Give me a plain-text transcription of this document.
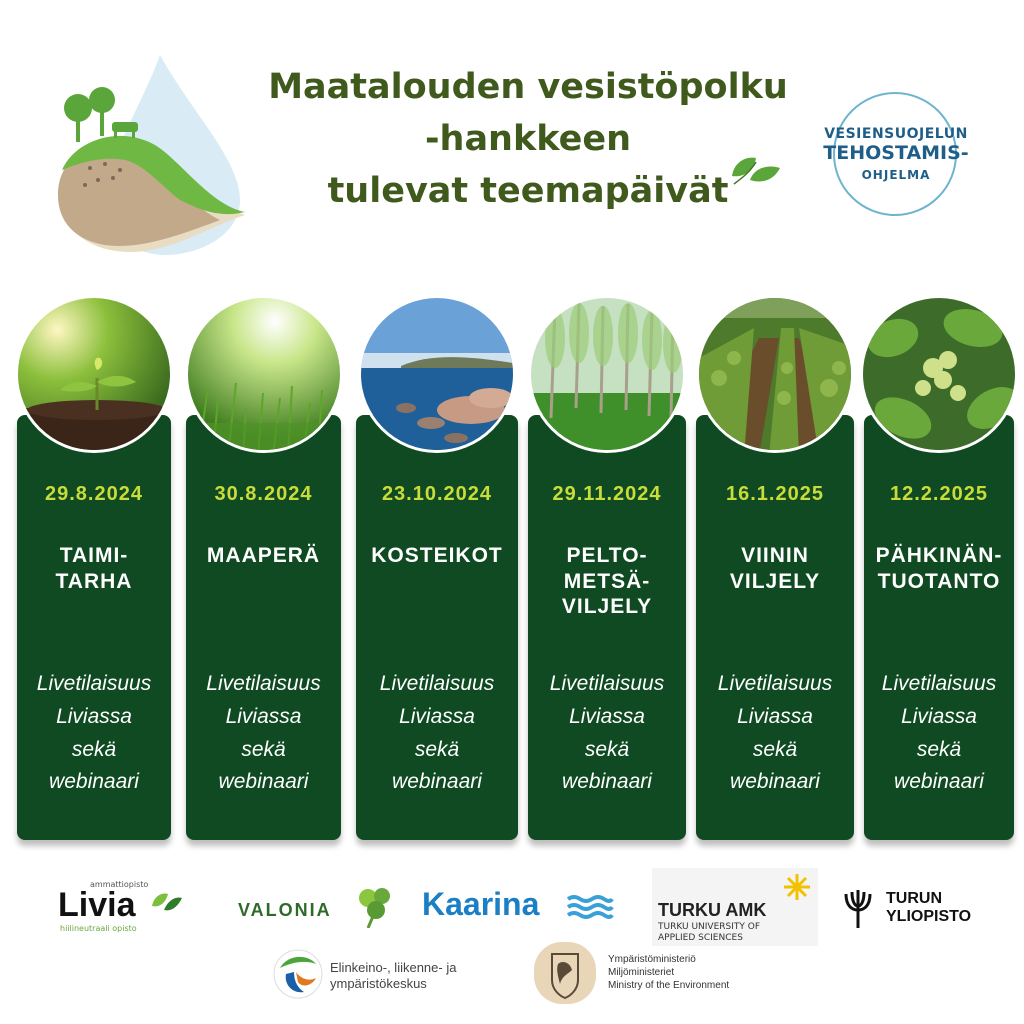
Maatalouden vesistöpolku
-hankkeen
tulevat teemapäivät
VESIENSUOJELUN
TEHOSTAMIS-
OHJELMA
29.8.2024
TAIMI-
TARHA
Livetilaisuus
Liviassa
sekä
webinaari
30.8.2024
MAAPERÄ
Livetilaisuus
Liviassa
sekä
webinaari
23.10.2024
KOSTEIKOT
Livetilaisuus
Liviassa
sekä
webinaari
29.11.2024
PELTO-
METSÄ-
VILJELY
Livetilaisuus
Liviassa
sekä
webinaari
16.1.2025
VIININ
VILJELY
Livetilaisuus
Liviassa
sekä
webinaari
12.2.2025
PÄHKINÄN-
TUOTANTO
Livetilaisuus
Liviassa
sekä
webinaari
ammattiopisto
Livia
hiilineutraali opisto
VALONIA	Kaarina	TURKU AMK
TURKU UNIVERSITY OF
APPLIED SCIENCES
TURUN
YLIOPISTO
Elinkeino-, liikenne- ja
ympäristökeskus
Ympäristöministeriö
Miljöministeriet
Ministry of the Environment
